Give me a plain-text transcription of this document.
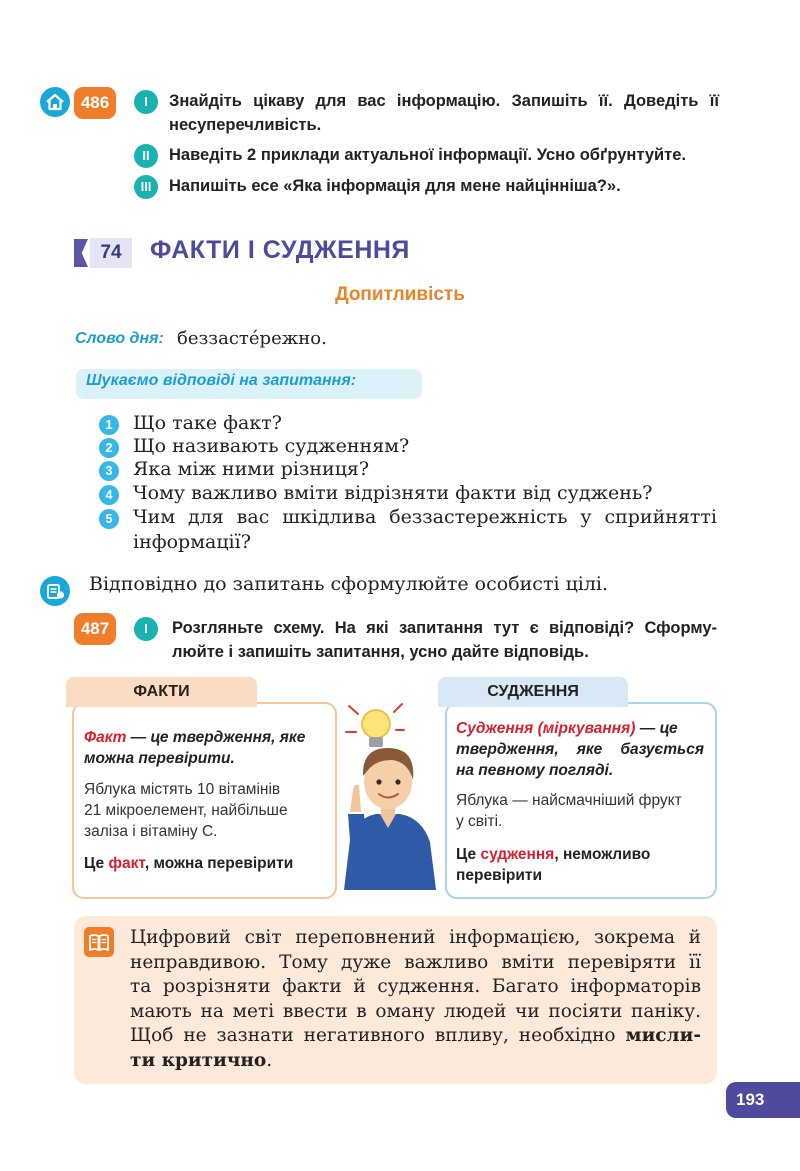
486	I	Знайдіть цікаву для вас інформацію. Запишіть її. Доведіть її
несуперечливість.
II	Наведіть 2 приклади актуальної інформації. Усно обґрунтуйте.
III	Напишіть есе «Яка інформація для мене найцінніша?».
74	ФАКТИ І СУДЖЕННЯ
Допитливість
Слово дня: беззасте́режно.
Шукаємо відповіді на запитання:
1	Що таке факт?
2	Що називають судженням?
3	Яка між ними різниця?
4	Чому важливо вміти відрізняти факти від суджень?
5	Чим для вас шкідлива беззастережність у сприйнятті
інформації?
Відповідно до запитань сформулюйте особисті цілі.
487	I	Розгляньте схему. На які запитання тут є відповіді? Сформу-
люйте і запишіть запитання, усно дайте відповідь.
ФАКТИ
Факт — це твердження, яке
можна перевірити.
Яблука містять 10 вітамінів
21 мікроелемент, найбільше
заліза і вітаміну С.
Це факт, можна перевірити
СУДЖЕННЯ
Судження (міркування) — це
твердження, яке базується
на певному погляді.
Яблука — найсмачніший фрукт
у світі.
Це судження, неможливо
перевірити
Цифровий світ переповнений інформацією, зокрема й
неправдивою. Тому дуже важливо вміти перевіряти її
та розрізняти факти й судження. Багато інформаторів
мають на меті ввести в оману людей чи посіяти паніку.
Щоб не зазнати негативного впливу, необхідно мисли-
ти критично.
193
